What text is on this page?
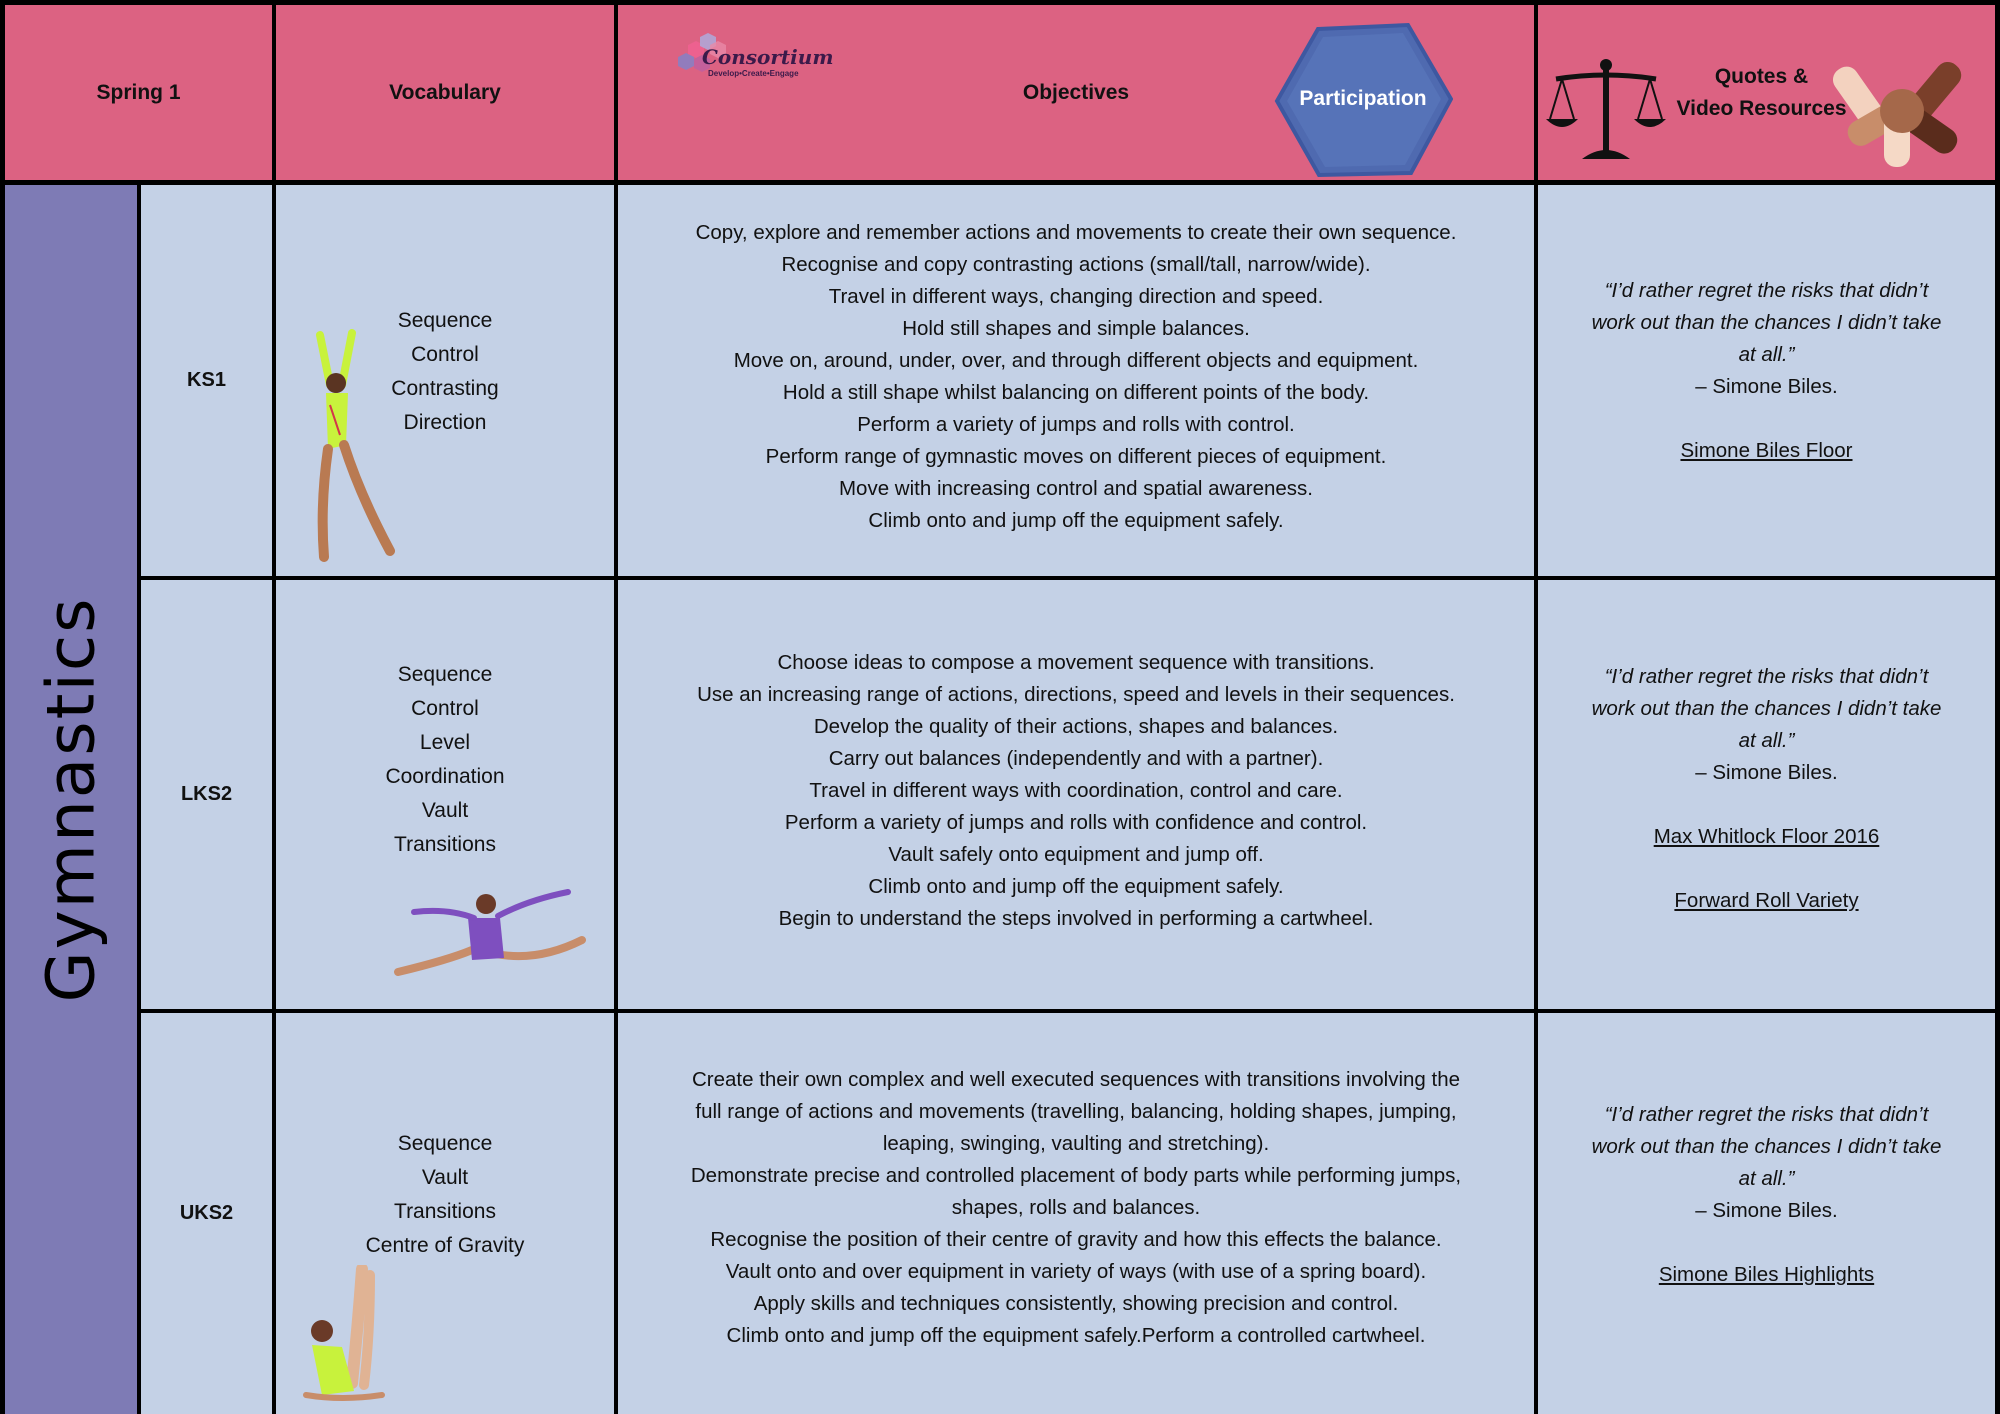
Spring 1	Vocabulary	Objectives
Consortium
Develop•Create•Engage
Participation
Quotes &
Video Resources
Gymnastics
KS1
Sequence
Control
Contrasting
Direction
Copy, explore and remember actions and movements to create their own sequence.
Recognise and copy contrasting actions (small/tall, narrow/wide).
Travel in different ways, changing direction and speed.
Hold still shapes and simple balances.
Move on, around, under, over, and through different objects and equipment.
Hold a still shape whilst balancing on different points of the body.
Perform a variety of jumps and rolls with control.
Perform range of gymnastic moves on different pieces of equipment.
Move with increasing control and spatial awareness.
Climb onto and jump off the equipment safely.
“I’d rather regret the risks that didn’t
work out than the chances I didn’t take
at all.”
– Simone Biles.
Simone Biles Floor
LKS2
Sequence
Control
Level
Coordination
Vault
Transitions
Choose ideas to compose a movement sequence with transitions.
Use an increasing range of actions, directions, speed and levels in their sequences.
Develop the quality of their actions, shapes and balances.
Carry out balances (independently and with a partner).
Travel in different ways with coordination, control and care.
Perform a variety of jumps and rolls with confidence and control.
Vault safely onto equipment and jump off.
Climb onto and jump off the equipment safely.
Begin to understand the steps involved in performing a cartwheel.
“I’d rather regret the risks that didn’t
work out than the chances I didn’t take
at all.”
– Simone Biles.
Max Whitlock Floor 2016
Forward Roll Variety
UKS2
Sequence
Vault
Transitions
Centre of Gravity
Create their own complex and well executed sequences with transitions involving the
full range of actions and movements (travelling, balancing, holding shapes, jumping,
leaping, swinging, vaulting and stretching).
Demonstrate precise and controlled placement of body parts while performing jumps,
shapes, rolls and balances.
Recognise the position of their centre of gravity and how this effects the balance.
Vault onto and over equipment in variety of ways (with use of a spring board).
Apply skills and techniques consistently, showing precision and control.
Climb onto and jump off the equipment safely.Perform a controlled cartwheel.
“I’d rather regret the risks that didn’t
work out than the chances I didn’t take
at all.”
– Simone Biles.
Simone Biles Highlights
